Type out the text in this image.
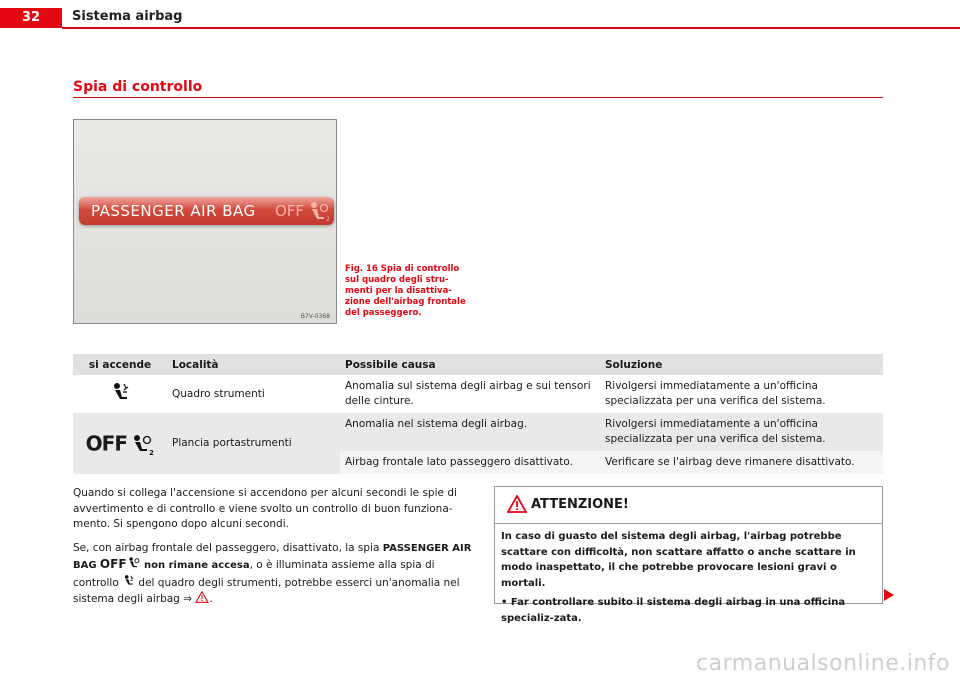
32	Sistema airbag
Spia di controllo
PASSENGER AIR BAG OFF	2
B7V-0368
Fig. 16 Spia di controllo sul quadro degli stru-menti per la disattiva-zione dell'airbag frontale del passeggero.
si accende	Località	Possibile causa	Soluzione
	Quadro strumenti	Anomalia sul sistema degli airbag e sui tensori delle cinture.	Rivolgersi immediatamente a un'officina specializzata per una verifica del sistema.
OFF 2	Plancia portastrumenti	Anomalia nel sistema degli airbag.	Rivolgersi immediatamente a un'officina specializzata per una verifica del sistema.
		Airbag frontale lato passeggero disattivato.	Verificare se l'airbag deve rimanere disattivato.

Quando si collega l'accensione si accendono per alcuni secondi le spie di avvertimento e di controllo e viene svolto un controllo di buon funziona-mento. Si spengono dopo alcuni secondi.

Se, con airbag frontale del passeggero, disattivato, la spia PASSENGER AIR BAG OFF non rimane accesa, o è illuminata assieme alla spia di controllo  del quadro degli strumenti, potrebbe esserci un'anomalia nel sistema degli airbag ⇒ .

ATTENZIONE!

In caso di guasto del sistema degli airbag, l'airbag potrebbe scattare con difficoltà, non scattare affatto o anche scattare in modo inaspettato, il che potrebbe provocare lesioni gravi o mortali.

• Far controllare subito il sistema degli airbag in una officina specializ-zata.

carmanualsonline.info
